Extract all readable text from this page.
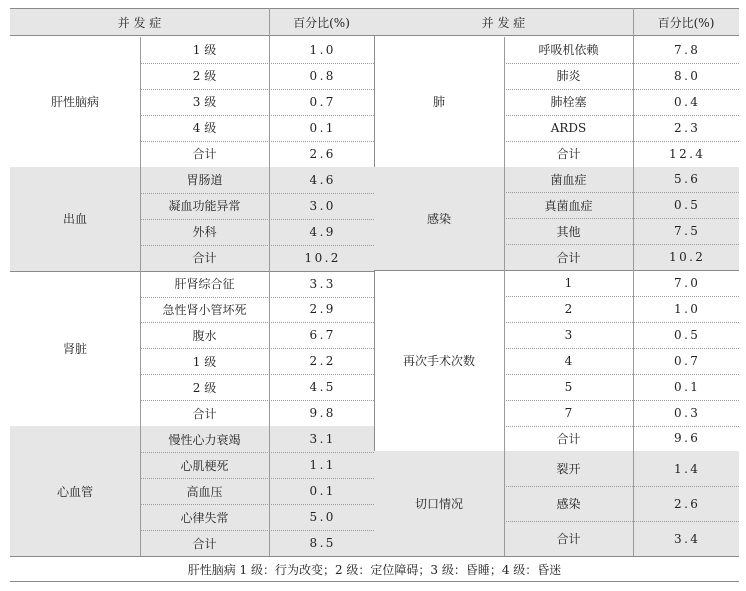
并 发 症	百分比(%)
肝性脑病
1 级	1 . 0
2 级	0 . 8
3 级	0 . 7
4 级	0 . 1
合计	2 . 6
出血
胃肠道	4 . 6
凝血功能异常	3 . 0
外科	4 . 9
合计	1 0 . 2
肾脏
肝肾综合征	3 . 3
急性肾小管坏死	2 . 9
腹水	6 . 7
1 级	2 . 2
2 级	4 . 5
合计	9 . 8
心血管
慢性心力衰竭	3 . 1
心肌梗死	1 . 1
高血压	0 . 1
心律失常	5 . 0
合计	8 . 5
并 发 症	百分比(%)
肺
呼吸机依赖	7 . 8
肺炎	8 . 0
肺栓塞	0 . 4
ARDS	2 . 3
合计	1 2 . 4
感染
菌血症	5 . 6
真菌血症	0 . 5
其他	7 . 5
合计	1 0 . 2
再次手术次数
1	7 . 0
2	1 . 0
3	0 . 5
4	0 . 7
5	0 . 1
7	0 . 3
合计	9 . 6
切口情况
裂开	1 . 4
感染	2 . 6
合计	3 . 4
肝性脑病 1 级：行为改变；2 级：定位障碍；3 级：昏睡；4 级：昏迷
